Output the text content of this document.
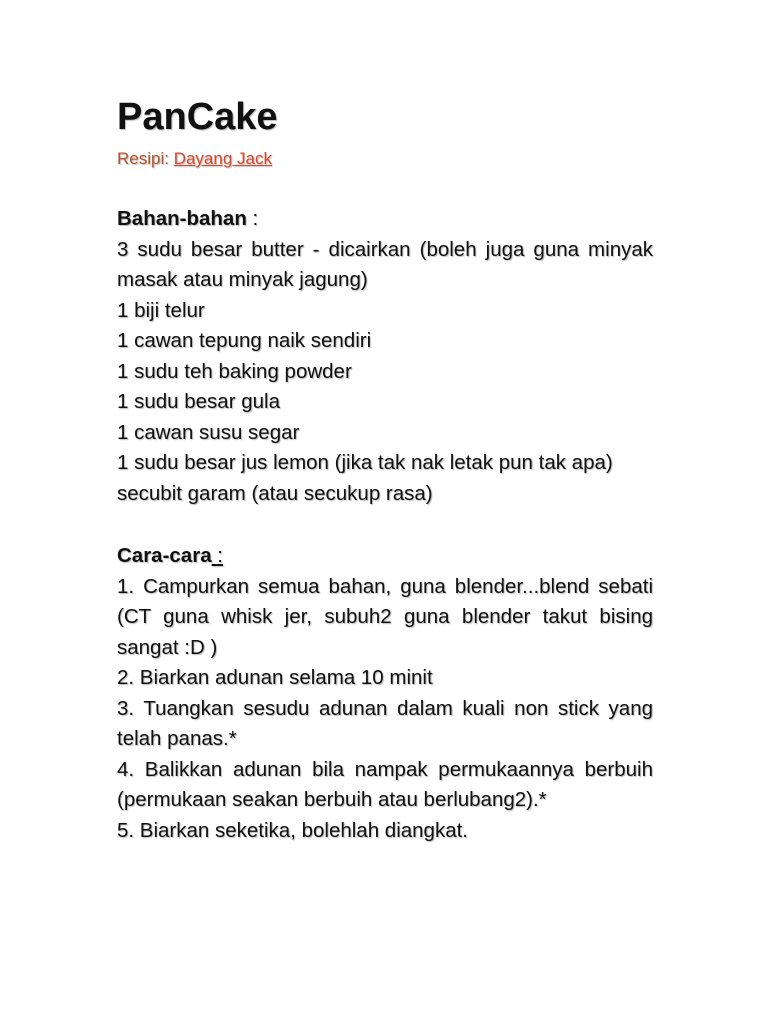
PanCake
Resipi: Dayang Jack
Bahan-bahan :
3 sudu besar butter - dicairkan (boleh juga guna minyak masak atau minyak jagung)
1 biji telur
1 cawan tepung naik sendiri
1 sudu teh baking powder
1 sudu besar gula
1 cawan susu segar
1 sudu besar jus lemon (jika tak nak letak pun tak apa)
secubit garam (atau secukup rasa)
Cara-cara :
1. Campurkan semua bahan, guna blender...blend sebati (CT guna whisk jer, subuh2 guna blender takut bising sangat :D )
2. Biarkan adunan selama 10 minit
3. Tuangkan sesudu adunan dalam kuali non stick yang telah panas.*
4. Balikkan adunan bila nampak permukaannya berbuih (permukaan seakan berbuih atau berlubang2).*
5. Biarkan seketika, bolehlah diangkat.
